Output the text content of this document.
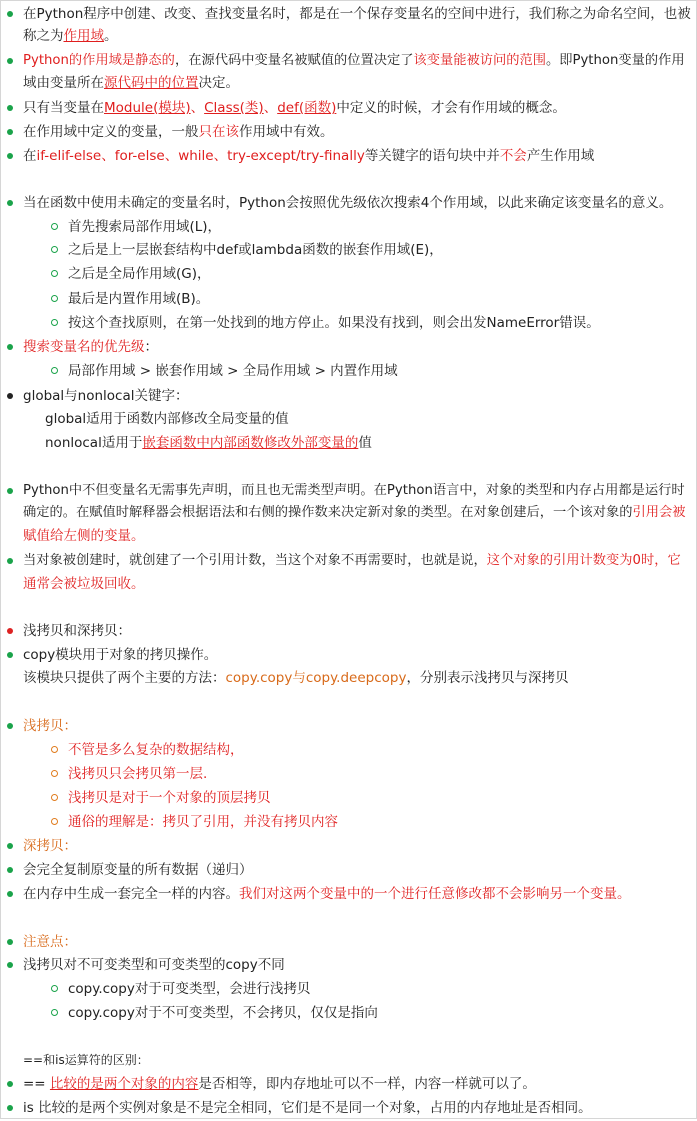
在Python程序中创建、改变、查找变量名时，都是在一个保存变量名的空间中进行，我们称之为命名空间，也被
称之为作用域。
Python的作用域是静态的，在源代码中变量名被赋值的位置决定了该变量能被访问的范围。即Python变量的作用
域由变量所在源代码中的位置决定。
只有当变量在Module(模块)、Class(类)、def(函数)中定义的时候，才会有作用域的概念。
在作用域中定义的变量，一般只在该作用域中有效。
在if-elif-else、for-else、while、try-except/try-finally等关键字的语句块中并不会产生作用域
当在函数中使用未确定的变量名时，Python会按照优先级依次搜索4个作用域，以此来确定该变量名的意义。
首先搜索局部作用域(L)，
之后是上一层嵌套结构中def或lambda函数的嵌套作用域(E)，
之后是全局作用域(G)，
最后是内置作用域(B)。
按这个查找原则，在第一处找到的地方停止。如果没有找到，则会出发NameError错误。
搜索变量名的优先级：
局部作用域 > 嵌套作用域 > 全局作用域 > 内置作用域
global与nonlocal关键字：
global适用于函数内部修改全局变量的值
nonlocal适用于嵌套函数中内部函数修改外部变量的值
Python中不但变量名无需事先声明，而且也无需类型声明。在Python语言中，对象的类型和内存占用都是运行时
确定的。在赋值时解释器会根据语法和右侧的操作数来决定新对象的类型。在对象创建后，一个该对象的引用会被
赋值给左侧的变量。
当对象被创建时，就创建了一个引用计数，当这个对象不再需要时，也就是说，这个对象的引用计数变为0时，它
通常会被垃圾回收。
浅拷贝和深拷贝：
copy模块用于对象的拷贝操作。
该模块只提供了两个主要的方法：copy.copy与copy.deepcopy，分别表示浅拷贝与深拷贝
浅拷贝：
不管是多么复杂的数据结构，
浅拷贝只会拷贝第一层.
浅拷贝是对于一个对象的顶层拷贝
通俗的理解是：拷贝了引用，并没有拷贝内容
深拷贝：
会完全复制原变量的所有数据（递归）
在内存中生成一套完全一样的内容。我们对这两个变量中的一个进行任意修改都不会影响另一个变量。
注意点：
浅拷贝对不可变类型和可变类型的copy不同
copy.copy对于可变类型，会进行浅拷贝
copy.copy对于不可变类型，不会拷贝，仅仅是指向
==和is运算符的区别：
== 比较的是两个对象的内容是否相等，即内存地址可以不一样，内容一样就可以了。
is 比较的是两个实例对象是不是完全相同，它们是不是同一个对象，占用的内存地址是否相同。
